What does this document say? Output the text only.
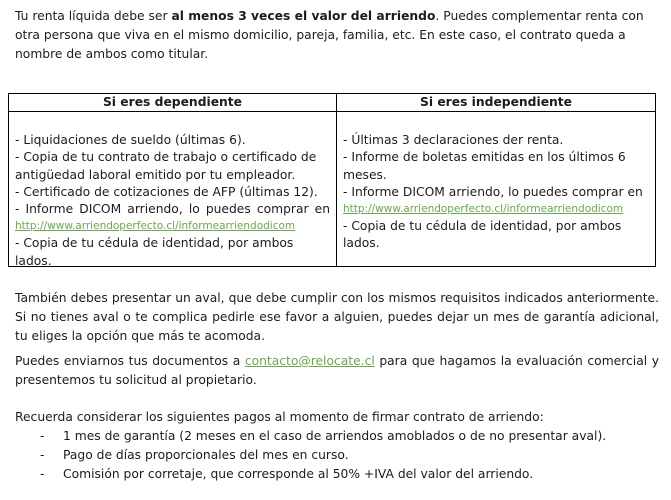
Tu renta líquida debe ser al menos 3 veces el valor del arriendo. Puedes complementar renta con otra persona que viva en el mismo domicilio, pareja, familia, etc. En este caso, el contrato queda a nombre de ambos como titular.

Si eres dependiente
- Liquidaciones de sueldo (últimas 6).
- Copia de tu contrato de trabajo o certificado de antigüedad laboral emitido por tu empleador.
- Certificado de cotizaciones de AFP (últimas 12).
- Informe DICOM arriendo, lo puedes comprar en
http://www.arriendoperfecto.cl/informearriendodicom
- Copia de tu cédula de identidad, por ambos lados.
Si eres independiente
- Últimas 3 declaraciones der renta.
- Informe de boletas emitidas en los últimos 6 meses.
- Informe DICOM arriendo, lo puedes comprar en
http://www.arriendoperfecto.cl/informearriendodicom
- Copia de tu cédula de identidad, por ambos lados.

También debes presentar un aval, que debe cumplir con los mismos requisitos indicados anteriormente. Si no tienes aval o te complica pedirle ese favor a alguien, puedes dejar un mes de garantía adicional, tu eliges la opción que más te acomoda.

Puedes enviarnos tus documentos a contacto@relocate.cl para que hagamos la evaluación comercial y presentemos tu solicitud al propietario.

Recuerda considerar los siguientes pagos al momento de firmar contrato de arriendo:
- 1 mes de garantía (2 meses en el caso de arriendos amoblados o de no presentar aval).
- Pago de días proporcionales del mes en curso.
- Comisión por corretaje, que corresponde al 50% +IVA del valor del arriendo.
